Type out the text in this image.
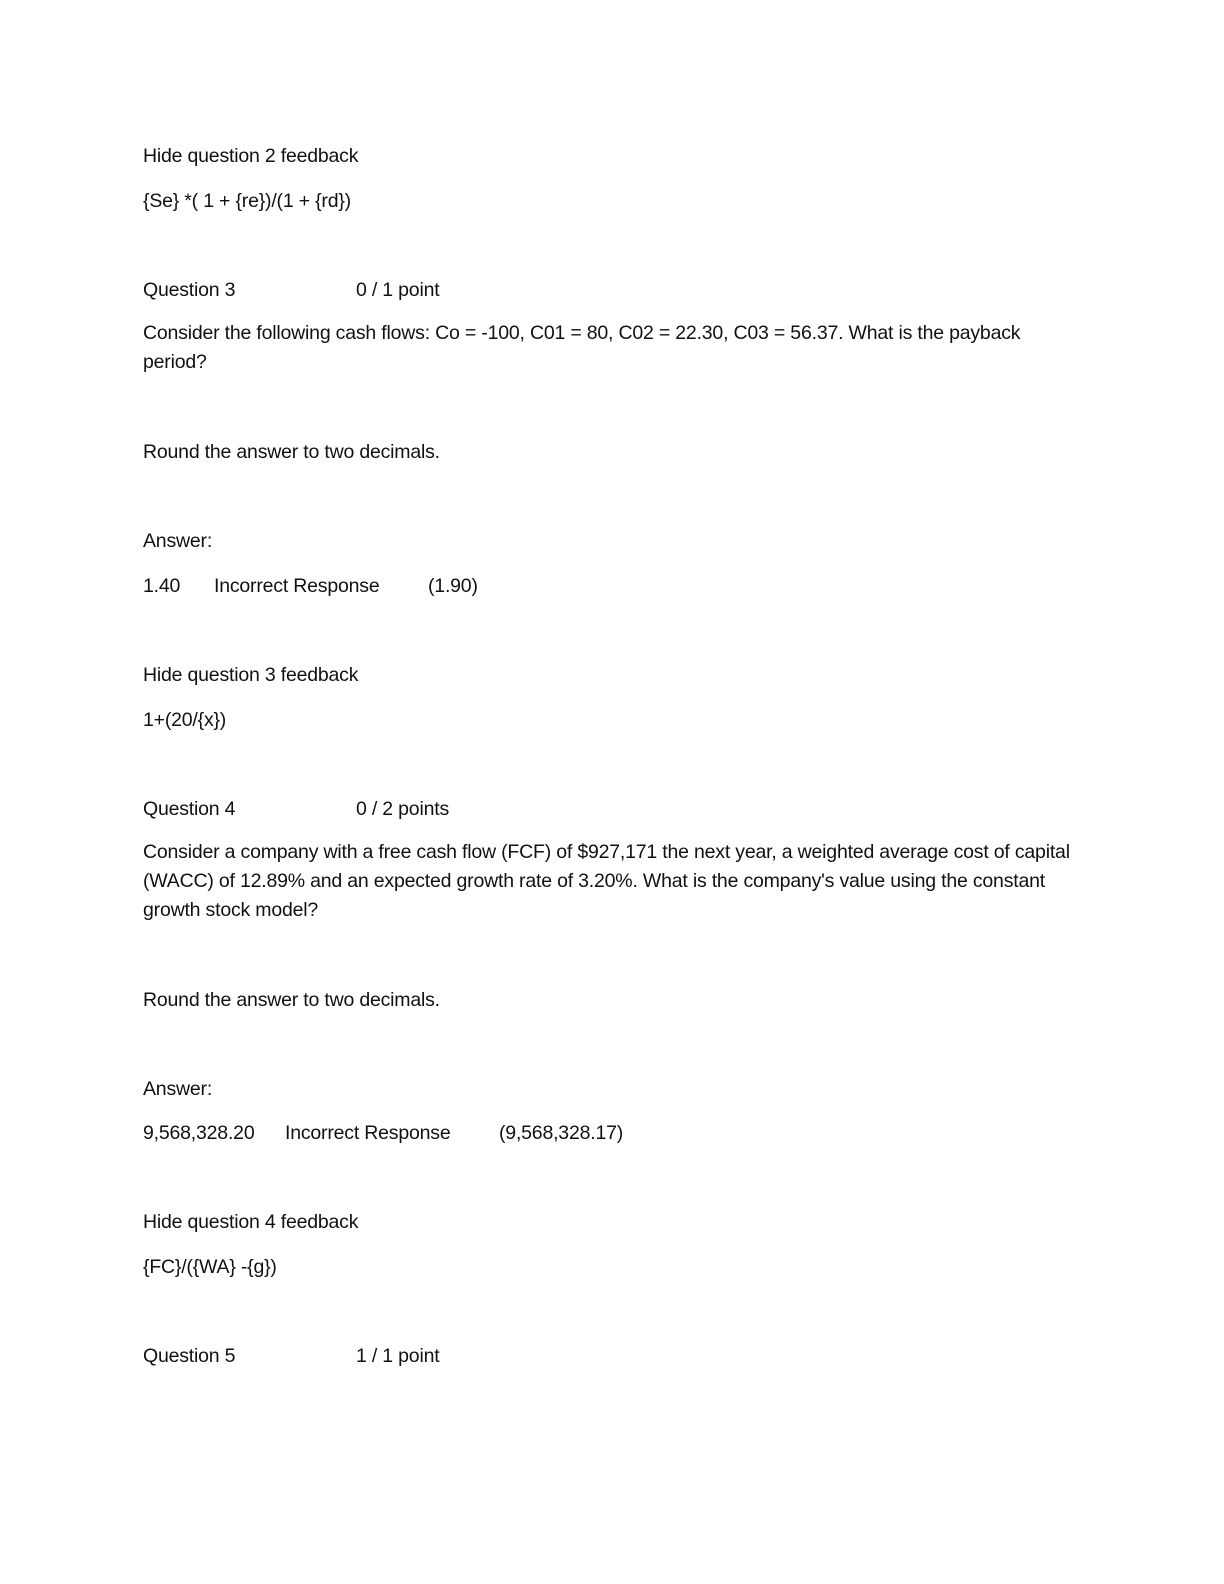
Hide question 2 feedback
{Se} *( 1 + {re})/(1 + {rd})
Question 3	0 / 1 point
Consider the following cash flows: Co = -100, C01 = 80, C02 = 22.30, C03 = 56.37. What is the payback period?
Round the answer to two decimals.
Answer:
1.40 Incorrect Response (1.90)
Hide question 3 feedback
1+(20/{x})
Question 4	0 / 2 points
Consider a company with a free cash flow (FCF) of $927,171 the next year, a weighted average cost of capital (WACC) of 12.89% and an expected growth rate of 3.20%. What is the company's value using the constant growth stock model?
Round the answer to two decimals.
Answer:
9,568,328.20 Incorrect Response (9,568,328.17)
Hide question 4 feedback
{FC}/({WA} -{g})
Question 5	1 / 1 point
